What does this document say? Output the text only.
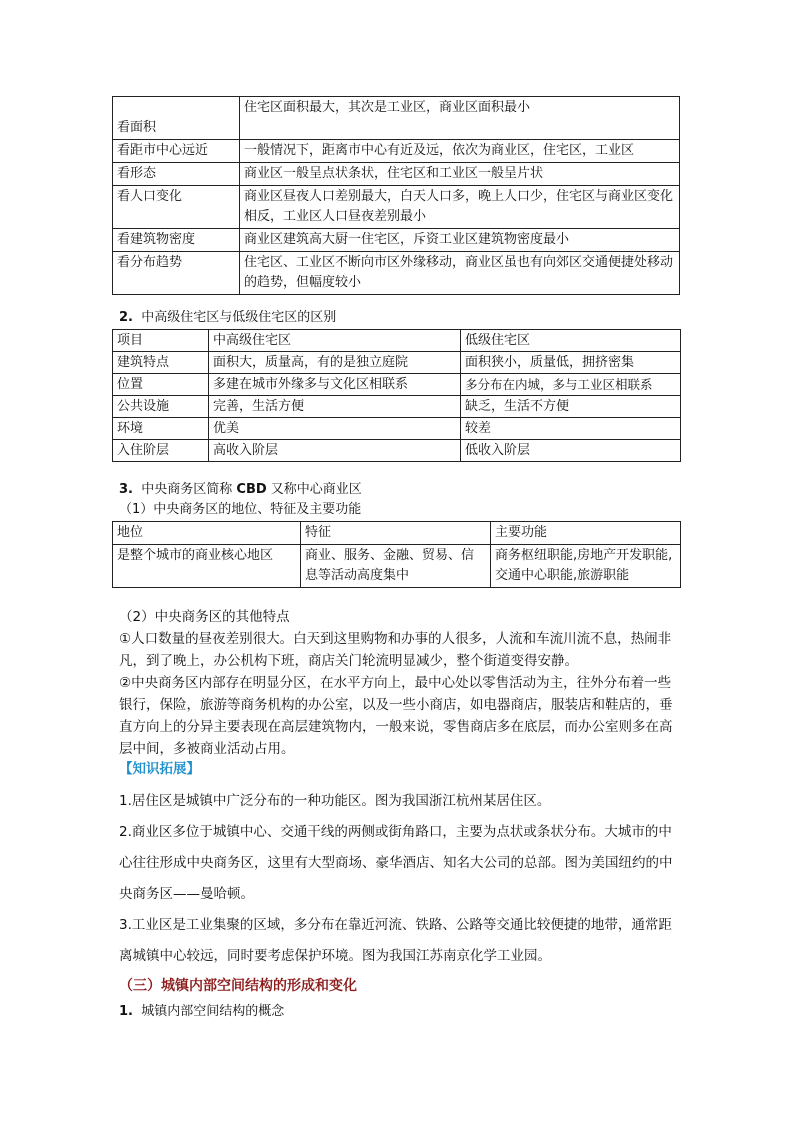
看面积	住宅区面积最大，其次是工业区，商业区面积最小
看距市中心远近	一般情况下，距离市中心有近及远，依次为商业区，住宅区，工业区
看形态	商业区一般呈点状条状，住宅区和工业区一般呈片状
看人口变化	商业区昼夜人口差别最大，白天人口多，晚上人口少，住宅区与商业区变化相反，工业区人口昼夜差别最小
看建筑物密度	商业区建筑高大厨一住宅区，斥资工业区建筑物密度最小
看分布趋势	住宅区、工业区不断向市区外缘移动，商业区虽也有向郊区交通便捷处移动的趋势，但幅度较小

2. 中高级住宅区与低级住宅区的区别

项目	中高级住宅区	低级住宅区
建筑特点	面积大，质量高，有的是独立庭院	面积狭小，质量低，拥挤密集
位置	多建在城市外缘多与文化区相联系	多分布在内城，多与工业区相联系
公共设施	完善，生活方便	缺乏，生活不方便
环境	优美	较差
入住阶层	高收入阶层	低收入阶层

3. 中央商务区简称 CBD 又称中心商业区

（1）中央商务区的地位、特征及主要功能

地位	特征	主要功能
是整个城市的商业核心地区	商业、服务、金融、贸易、信息等活动高度集中	商务枢纽职能,房地产开发职能,交通中心职能,旅游职能

（2）中央商务区的其他特点

①人口数量的昼夜差别很大。白天到这里购物和办事的人很多，人流和车流川流不息，热闹非凡，到了晚上，办公机构下班，商店关门轮流明显减少，整个街道变得安静。

②中央商务区内部存在明显分区，在水平方向上，最中心处以零售活动为主，往外分布着一些银行，保险，旅游等商务机构的办公室，以及一些小商店，如电器商店，服装店和鞋店的，垂直方向上的分异主要表现在高层建筑物内，一般来说，零售商店多在底层，而办公室则多在高层中间，多被商业活动占用。

【知识拓展】

1.居住区是城镇中广泛分布的一种功能区。图为我国浙江杭州某居住区。

2.商业区多位于城镇中心、交通干线的两侧或街角路口，主要为点状或条状分布。大城市的中心往往形成中央商务区，这里有大型商场、豪华酒店、知名大公司的总部。图为美国纽约的中央商务区——曼哈顿。

3.工业区是工业集聚的区域，多分布在靠近河流、铁路、公路等交通比较便捷的地带，通常距离城镇中心较远，同时要考虑保护环境。图为我国江苏南京化学工业园。

（三）城镇内部空间结构的形成和变化

1. 城镇内部空间结构的概念
